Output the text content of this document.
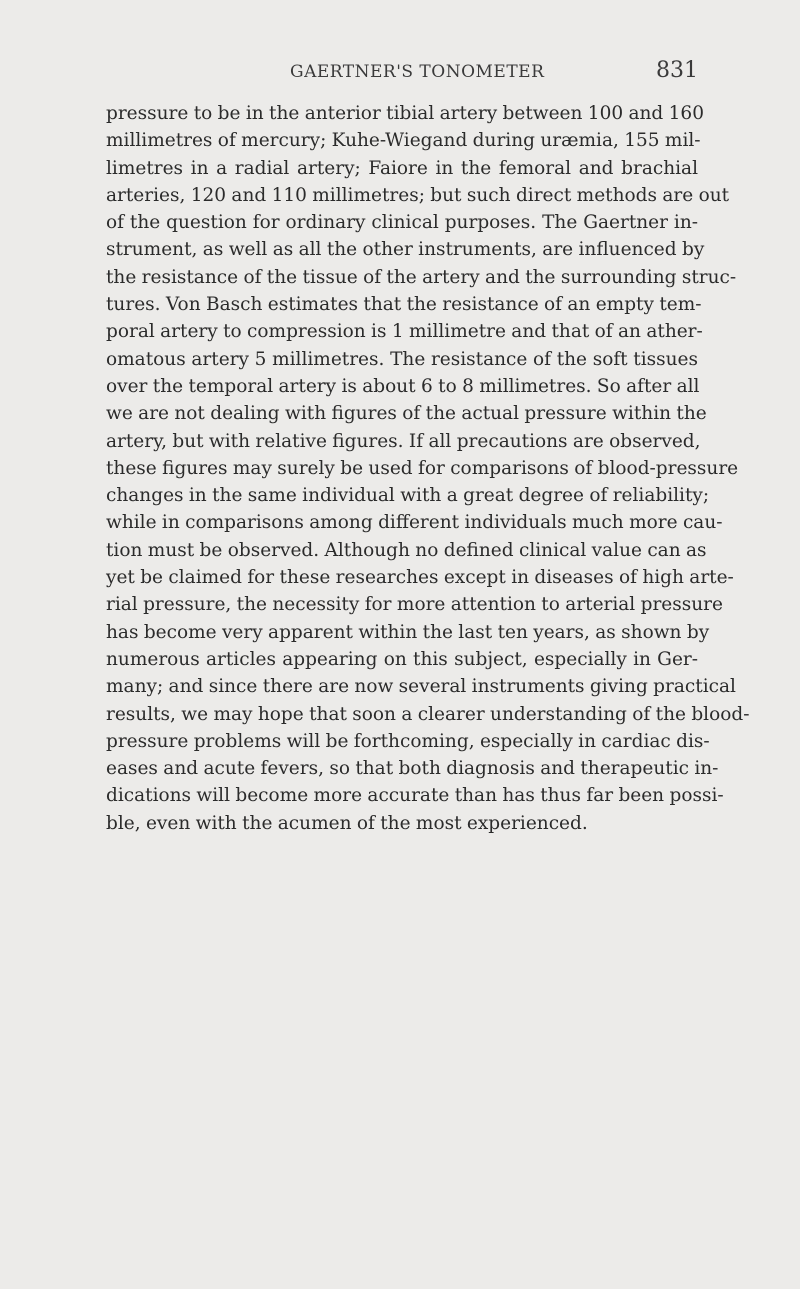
GAERTNER'S TONOMETER	831
pressure to be in the anterior tibial artery between 100 and 160
millimetres of mercury; Kuhe-Wiegand during uræmia, 155 mil-
limetres in a radial artery; Faiore in the femoral and brachial
arteries, 120 and 110 millimetres; but such direct methods are out
of the question for ordinary clinical purposes. The Gaertner in-
strument, as well as all the other instruments, are influenced by
the resistance of the tissue of the artery and the surrounding struc-
tures. Von Basch estimates that the resistance of an empty tem-
poral artery to compression is 1 millimetre and that of an ather-
omatous artery 5 millimetres. The resistance of the soft tissues
over the temporal artery is about 6 to 8 millimetres. So after all
we are not dealing with figures of the actual pressure within the
artery, but with relative figures. If all precautions are observed,
these figures may surely be used for comparisons of blood-pressure
changes in the same individual with a great degree of reliability;
while in comparisons among different individuals much more cau-
tion must be observed. Although no defined clinical value can as
yet be claimed for these researches except in diseases of high arte-
rial pressure, the necessity for more attention to arterial pressure
has become very apparent within the last ten years, as shown by
numerous articles appearing on this subject, especially in Ger-
many; and since there are now several instruments giving practical
results, we may hope that soon a clearer understanding of the blood-
pressure problems will be forthcoming, especially in cardiac dis-
eases and acute fevers, so that both diagnosis and therapeutic in-
dications will become more accurate than has thus far been possi-
ble, even with the acumen of the most experienced.
